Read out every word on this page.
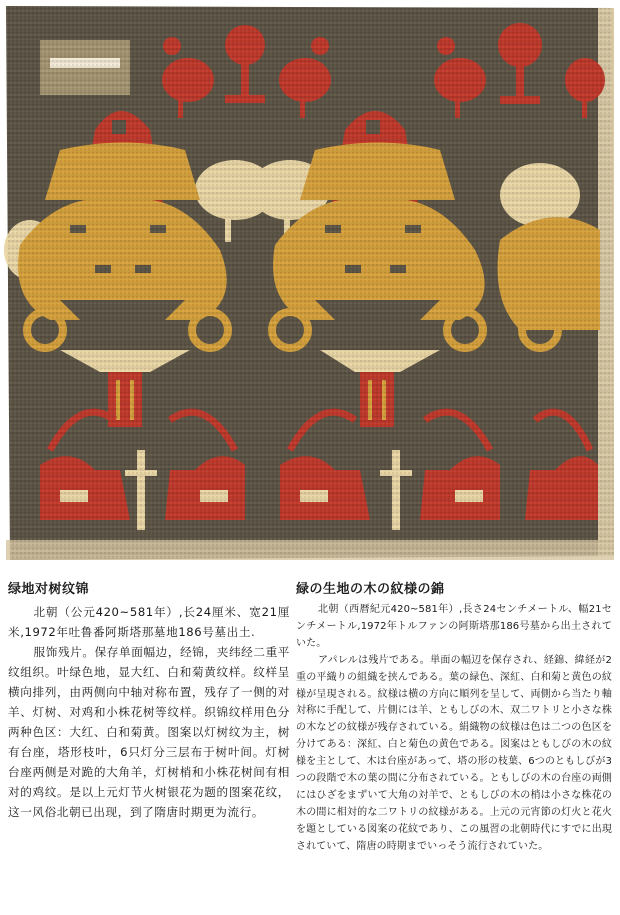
绿地对树纹锦

北朝（公元420~581年）,长24厘米、宽21厘米,1972年吐鲁番阿斯塔那墓地186号墓出土.

服饰残片。保存单面幅边，经锦，夹纬经二重平纹组织。叶绿色地，显大红、白和菊黄纹样。纹样呈横向排列，由两侧向中轴对称布置，残存了一侧的对羊、灯树、对鸡和小株花树等纹样。织锦纹样用色分两种色区：大红、白和菊黄。图案以灯树纹为主，树有台座，塔形枝叶，6只灯分三层布于树叶间。灯树台座两侧是对跪的大角羊，灯树梢和小株花树间有相对的鸡纹。是以上元灯节火树银花为题的图案花纹，这一风俗北朝已出现，到了隋唐时期更为流行。

緑の生地の木の紋様の錦

北朝（西暦紀元420~581年）,長さ24センチメートル、幅21センチメートル,1972年トルファンの阿斯塔那186号墓から出土されていた。

アパレルは残片である。単面の幅辺を保存され、経錦、緯経が2重の平織りの組織を挟んである。葉の緑色、深紅、白和菊と黄色の紋様が呈現される。紋様は横の方向に順列を呈して、両側から当たり軸対称に手配して、片側には羊、ともしびの木、双二ワトリと小さな株の木などの紋様が残存されている。絹織物の紋様は色は二つの色区を分けてある：深紅、白と菊色の黄色である。図案はともしびの木の紋様を主として、木は台座があって、塔の形の枝葉、6つのともしびが3つの段階で木の葉の間に分布されている。ともしびの木の台座の両側にはひざをまずいて大角の対羊で、ともしびの木の梢は小さな株花の木の間に相対的な二ワトリの紋様がある。上元の元宵節の灯火と花火を題としている図案の花紋であり、この風習の北朝時代にすでに出現されていて、隋唐の時期までいっそう流行されていた。
